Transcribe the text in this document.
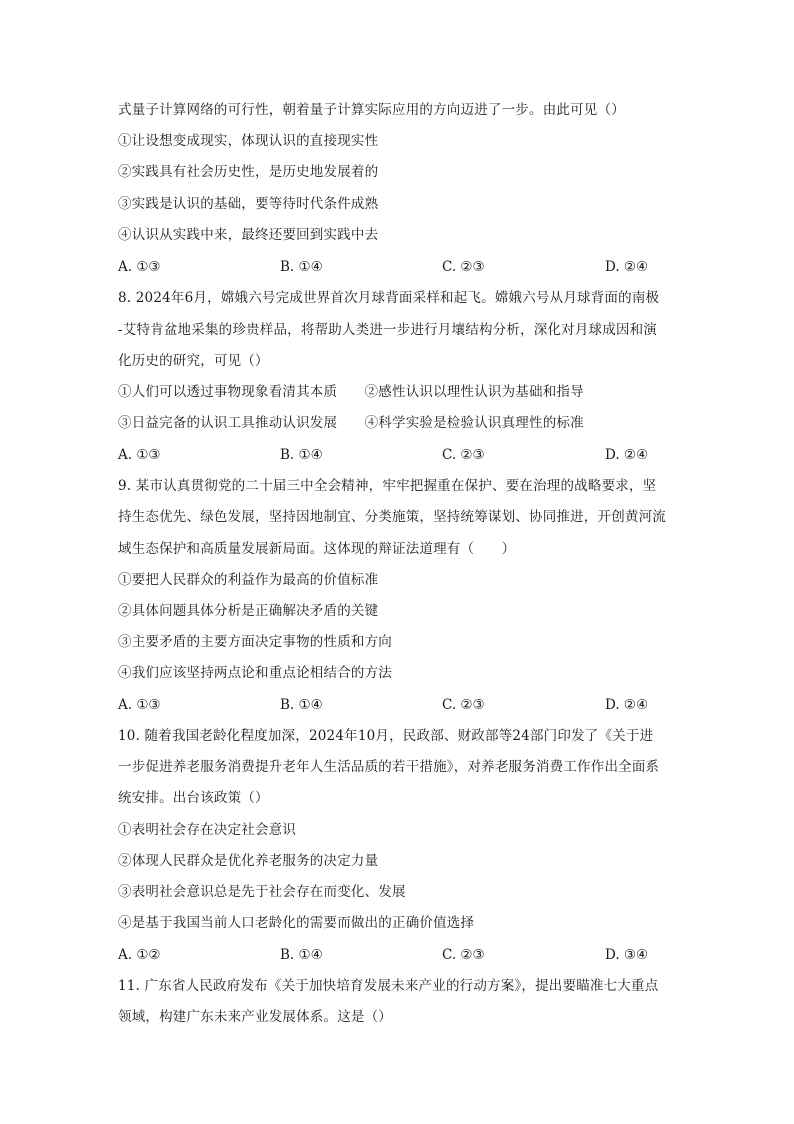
式量子计算网络的可行性，朝着量子计算实际应用的方向迈进了一步。由此可见（）
①让设想变成现实，体现认识的直接现实性
②实践具有社会历史性，是历史地发展着的
③实践是认识的基础，要等待时代条件成熟
④认识从实践中来，最终还要回到实践中去
A. ①③	B. ①④	C. ②③	D. ②④
8. 2024年6月，嫦娥六号完成世界首次月球背面采样和起飞。嫦娥六号从月球背面的南极
-艾特肯盆地采集的珍贵样品，将帮助人类进一步进行月壤结构分析，深化对月球成因和演
化历史的研究，可见（）
①人们可以透过事物现象看清其本质　　②感性认识以理性认识为基础和指导
③日益完备的认识工具推动认识发展　　④科学实验是检验认识真理性的标准
A. ①③	B. ①④	C. ②③	D. ②④
9. 某市认真贯彻党的二十届三中全会精神，牢牢把握重在保护、要在治理的战略要求，坚
持生态优先、绿色发展，坚持因地制宜、分类施策，坚持统筹谋划、协同推进，开创黄河流
域生态保护和高质量发展新局面。这体现的辩证法道理有（　　）
①要把人民群众的利益作为最高的价值标准
②具体问题具体分析是正确解决矛盾的关键
③主要矛盾的主要方面决定事物的性质和方向
④我们应该坚持两点论和重点论相结合的方法
A. ①③	B. ①④	C. ②③	D. ②④
10. 随着我国老龄化程度加深，2024年10月，民政部、财政部等24部门印发了《关于进
一步促进养老服务消费提升老年人生活品质的若干措施》，对养老服务消费工作作出全面系
统安排。出台该政策（）
①表明社会存在决定社会意识
②体现人民群众是优化养老服务的决定力量
③表明社会意识总是先于社会存在而变化、发展
④是基于我国当前人口老龄化的需要而做出的正确价值选择
A. ①②	B. ①④	C. ②③	D. ③④
11. 广东省人民政府发布《关于加快培育发展未来产业的行动方案》，提出要瞄准七大重点
领域，构建广东未来产业发展体系。这是（）
